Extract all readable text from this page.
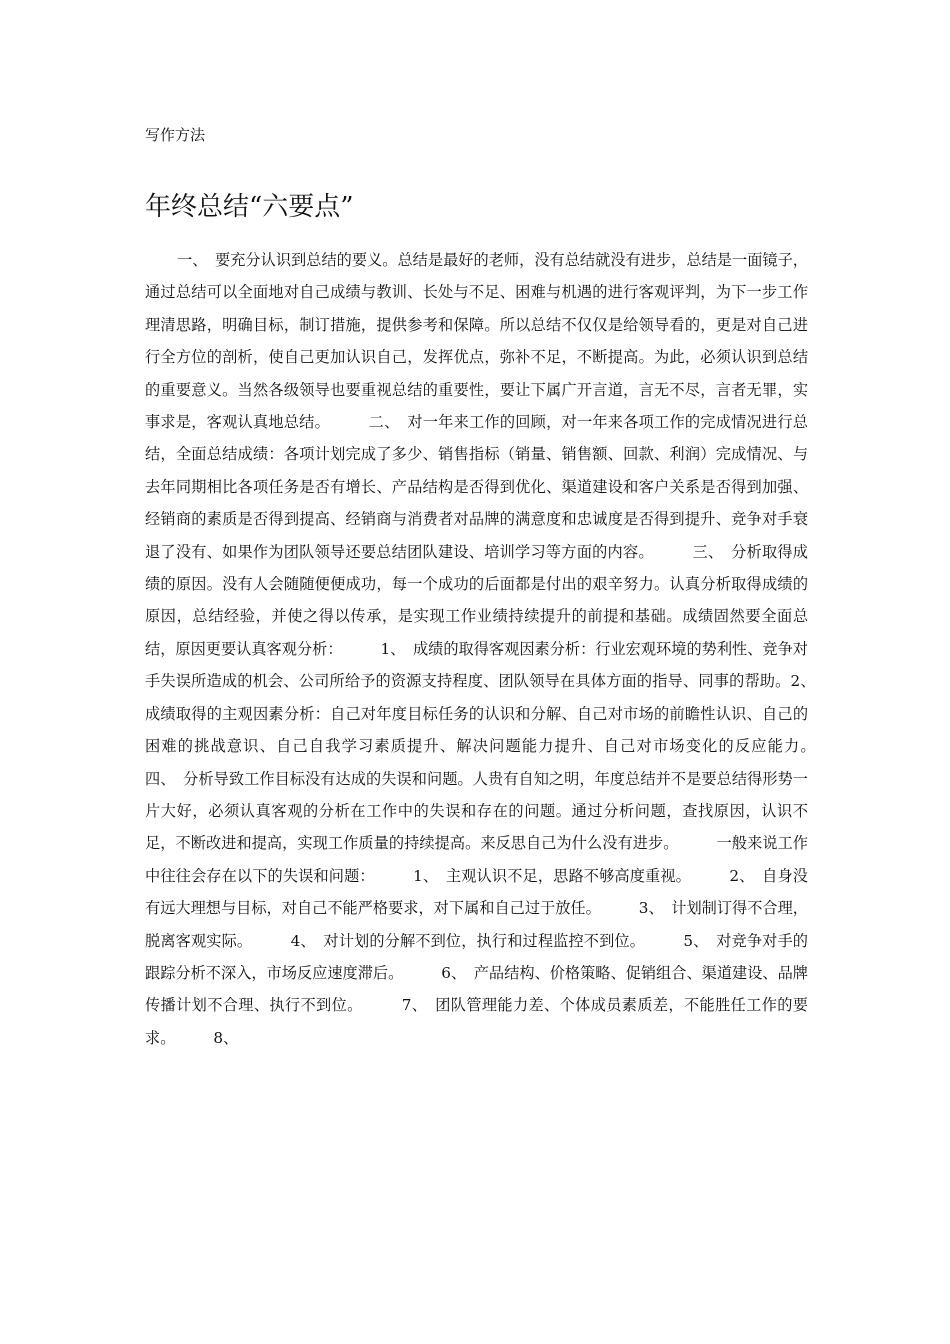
写作方法

年终总结“六要点”

一、　要充分认识到总结的要义。总结是最好的老师，没有总结就没有进步，总结是一面镜子，通过总结可以全面地对自己成绩与教训、长处与不足、困难与机遇的进行客观评判，为下一步工作理清思路，明确目标，制订措施，提供参考和保障。所以总结不仅仅是给领导看的，更是对自己进行全方位的剖析，使自己更加认识自己，发挥优点，弥补不足，不断提高。为此，必须认识到总结的重要意义。当然各级领导也要重视总结的重要性，要让下属广开言道，言无不尽，言者无罪，实事求是，客观认真地总结。　　　二、　对一年来工作的回顾，对一年来各项工作的完成情况进行总结，全面总结成绩：各项计划完成了多少、销售指标（销量、销售额、回款、利润）完成情况、与去年同期相比各项任务是否有增长、产品结构是否得到优化、渠道建设和客户关系是否得到加强、经销商的素质是否得到提高、经销商与消费者对品牌的满意度和忠诚度是否得到提升、竞争对手衰退了没有、如果作为团队领导还要总结团队建设、培训学习等方面的内容。　　　三、　分析取得成绩的原因。没有人会随随便便成功，每一个成功的后面都是付出的艰辛努力。认真分析取得成绩的原因，总结经验，并使之得以传承，是实现工作业绩持续提升的前提和基础。成绩固然要全面总结，原因更要认真客观分析：　　　1、　成绩的取得客观因素分析：行业宏观环境的势利性、竞争对手失误所造成的机会、公司所给予的资源支持程度、团队领导在具体方面的指导、同事的帮助。2、　成绩取得的主观因素分析：自己对年度目标任务的认识和分解、自己对市场的前瞻性认识、自己的困难的挑战意识、自己自我学习素质提升、解决问题能力提升、自己对市场变化的反应能力。　　　四、　分析导致工作目标没有达成的失误和问题。人贵有自知之明，年度总结并不是要总结得形势一片大好，必须认真客观的分析在工作中的失误和存在的问题。通过分析问题，查找原因，认识不足，不断改进和提高，实现工作质量的持续提高。来反思自己为什么没有进步。　　　一般来说工作中往往会存在以下的失误和问题：　　　1、　主观认识不足，思路不够高度重视。　　　2、　自身没有远大理想与目标，对自己不能严格要求，对下属和自己过于放任。　　　3、　计划制订得不合理，脱离客观实际。　　　4、　对计划的分解不到位，执行和过程监控不到位。　　　5、　对竞争对手的跟踪分析不深入，市场反应速度滞后。　　　6、　产品结构、价格策略、促销组合、渠道建设、品牌传播计划不合理、执行不到位。　　　7、　团队管理能力差、个体成员素质差，不能胜任工作的要求。　　　8、
